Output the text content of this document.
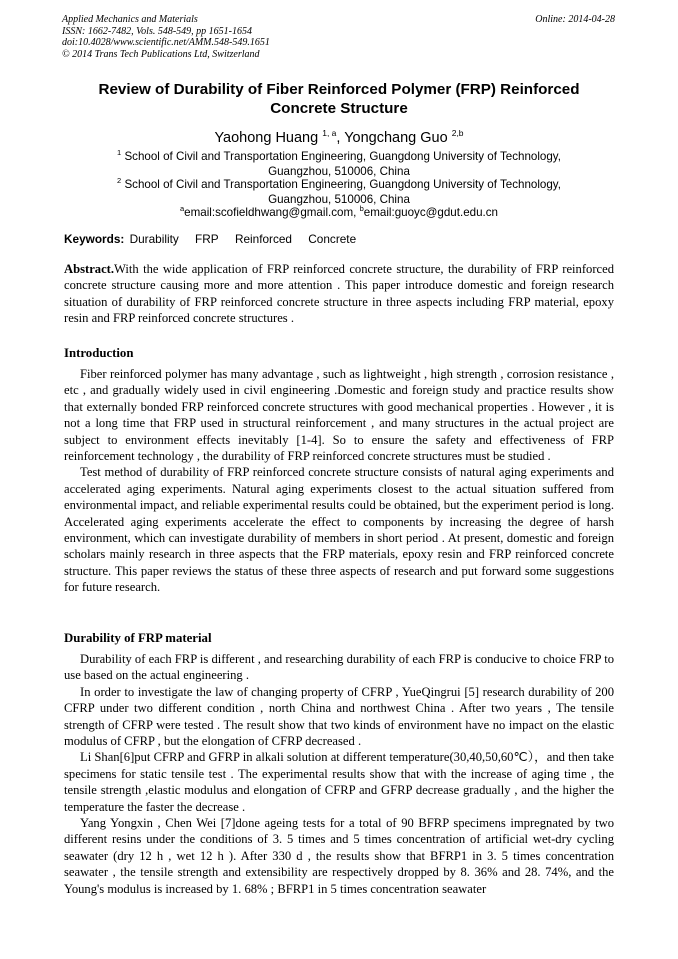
Applied Mechanics and Materials
ISSN: 1662-7482, Vols. 548-549, pp 1651-1654
doi:10.4028/www.scientific.net/AMM.548-549.1651
© 2014 Trans Tech Publications Ltd, Switzerland
Online: 2014-04-28
Review of Durability of Fiber Reinforced Polymer (FRP) Reinforced Concrete Structure
Yaohong Huang $^{1, a}$, Yongchang Guo $^{2,b}$
$^1$ School of Civil and Transportation Engineering, Guangdong University of Technology,
Guangzhou, 510006, China
$^2$ School of Civil and Transportation Engineering, Guangdong University of Technology,
Guangzhou, 510006, China
$^a$email:scofieldhwang@gmail.com, $^b$email:guoyc@gdut.edu.cn
Keywords: Durability FRP Reinforced Concrete

Abstract.With the wide application of FRP reinforced concrete structure, the durability of FRP reinforced concrete structure causing more and more attention . This paper introduce domestic and foreign research situation of durability of FRP reinforced concrete structure in three aspects including FRP material, epoxy resin and FRP reinforced concrete structures .

Introduction

Fiber reinforced polymer has many advantage , such as lightweight , high strength , corrosion resistance , etc , and gradually widely used in civil engineering .Domestic and foreign study and practice results show that externally bonded FRP reinforced concrete structures with good mechanical properties . However , it is not a long time that FRP used in structural reinforcement , and many structures in the actual project are subject to environment effects inevitably [1-4]. So to ensure the safety and effectiveness of FRP reinforcement technology , the durability of FRP reinforced concrete structures must be studied .

Test method of durability of FRP reinforced concrete structure consists of natural aging experiments and accelerated aging experiments. Natural aging experiments closest to the actual situation suffered from environmental impact, and reliable experimental results could be obtained, but the experiment period is long. Accelerated aging experiments accelerate the effect to components by increasing the degree of harsh environment, which can investigate durability of members in short period . At present, domestic and foreign scholars mainly research in three aspects that the FRP materials, epoxy resin and FRP reinforced concrete structure. This paper reviews the status of these three aspects of research and put forward some suggestions for future research.

Durability of FRP material

Durability of each FRP is different , and researching durability of each FRP is conducive to choice FRP to use based on the actual engineering .

In order to investigate the law of changing property of CFRP , YueQingrui [5] research durability of 200 CFRP under two different condition , north China and northwest China . After two years , The tensile strength of CFRP were tested . The result show that two kinds of environment have no impact on the elastic modulus of CFRP , but the elongation of CFRP decreased .

Li Shan[6]put CFRP and GFRP in alkali solution at different temperature(30,40,50,60℃），and then take specimens for static tensile test . The experimental results show that with the increase of aging time , the tensile strength ,elastic modulus and elongation of CFRP and GFRP decrease gradually , and the higher the temperature the faster the decrease .

Yang Yongxin , Chen Wei [7]done ageing tests for a total of 90 BFRP specimens impregnated by two different resins under the conditions of 3. 5 times and 5 times concentration of artificial wet-dry cycling seawater (dry 12 h , wet 12 h ). After 330 d , the results show that BFRP1 in 3. 5 times concentration seawater , the tensile strength and extensibility are respectively dropped by 8. 36% and 28. 74%, and the Young's modulus is increased by 1. 68% ; BFRP1 in 5 times concentration seawater
